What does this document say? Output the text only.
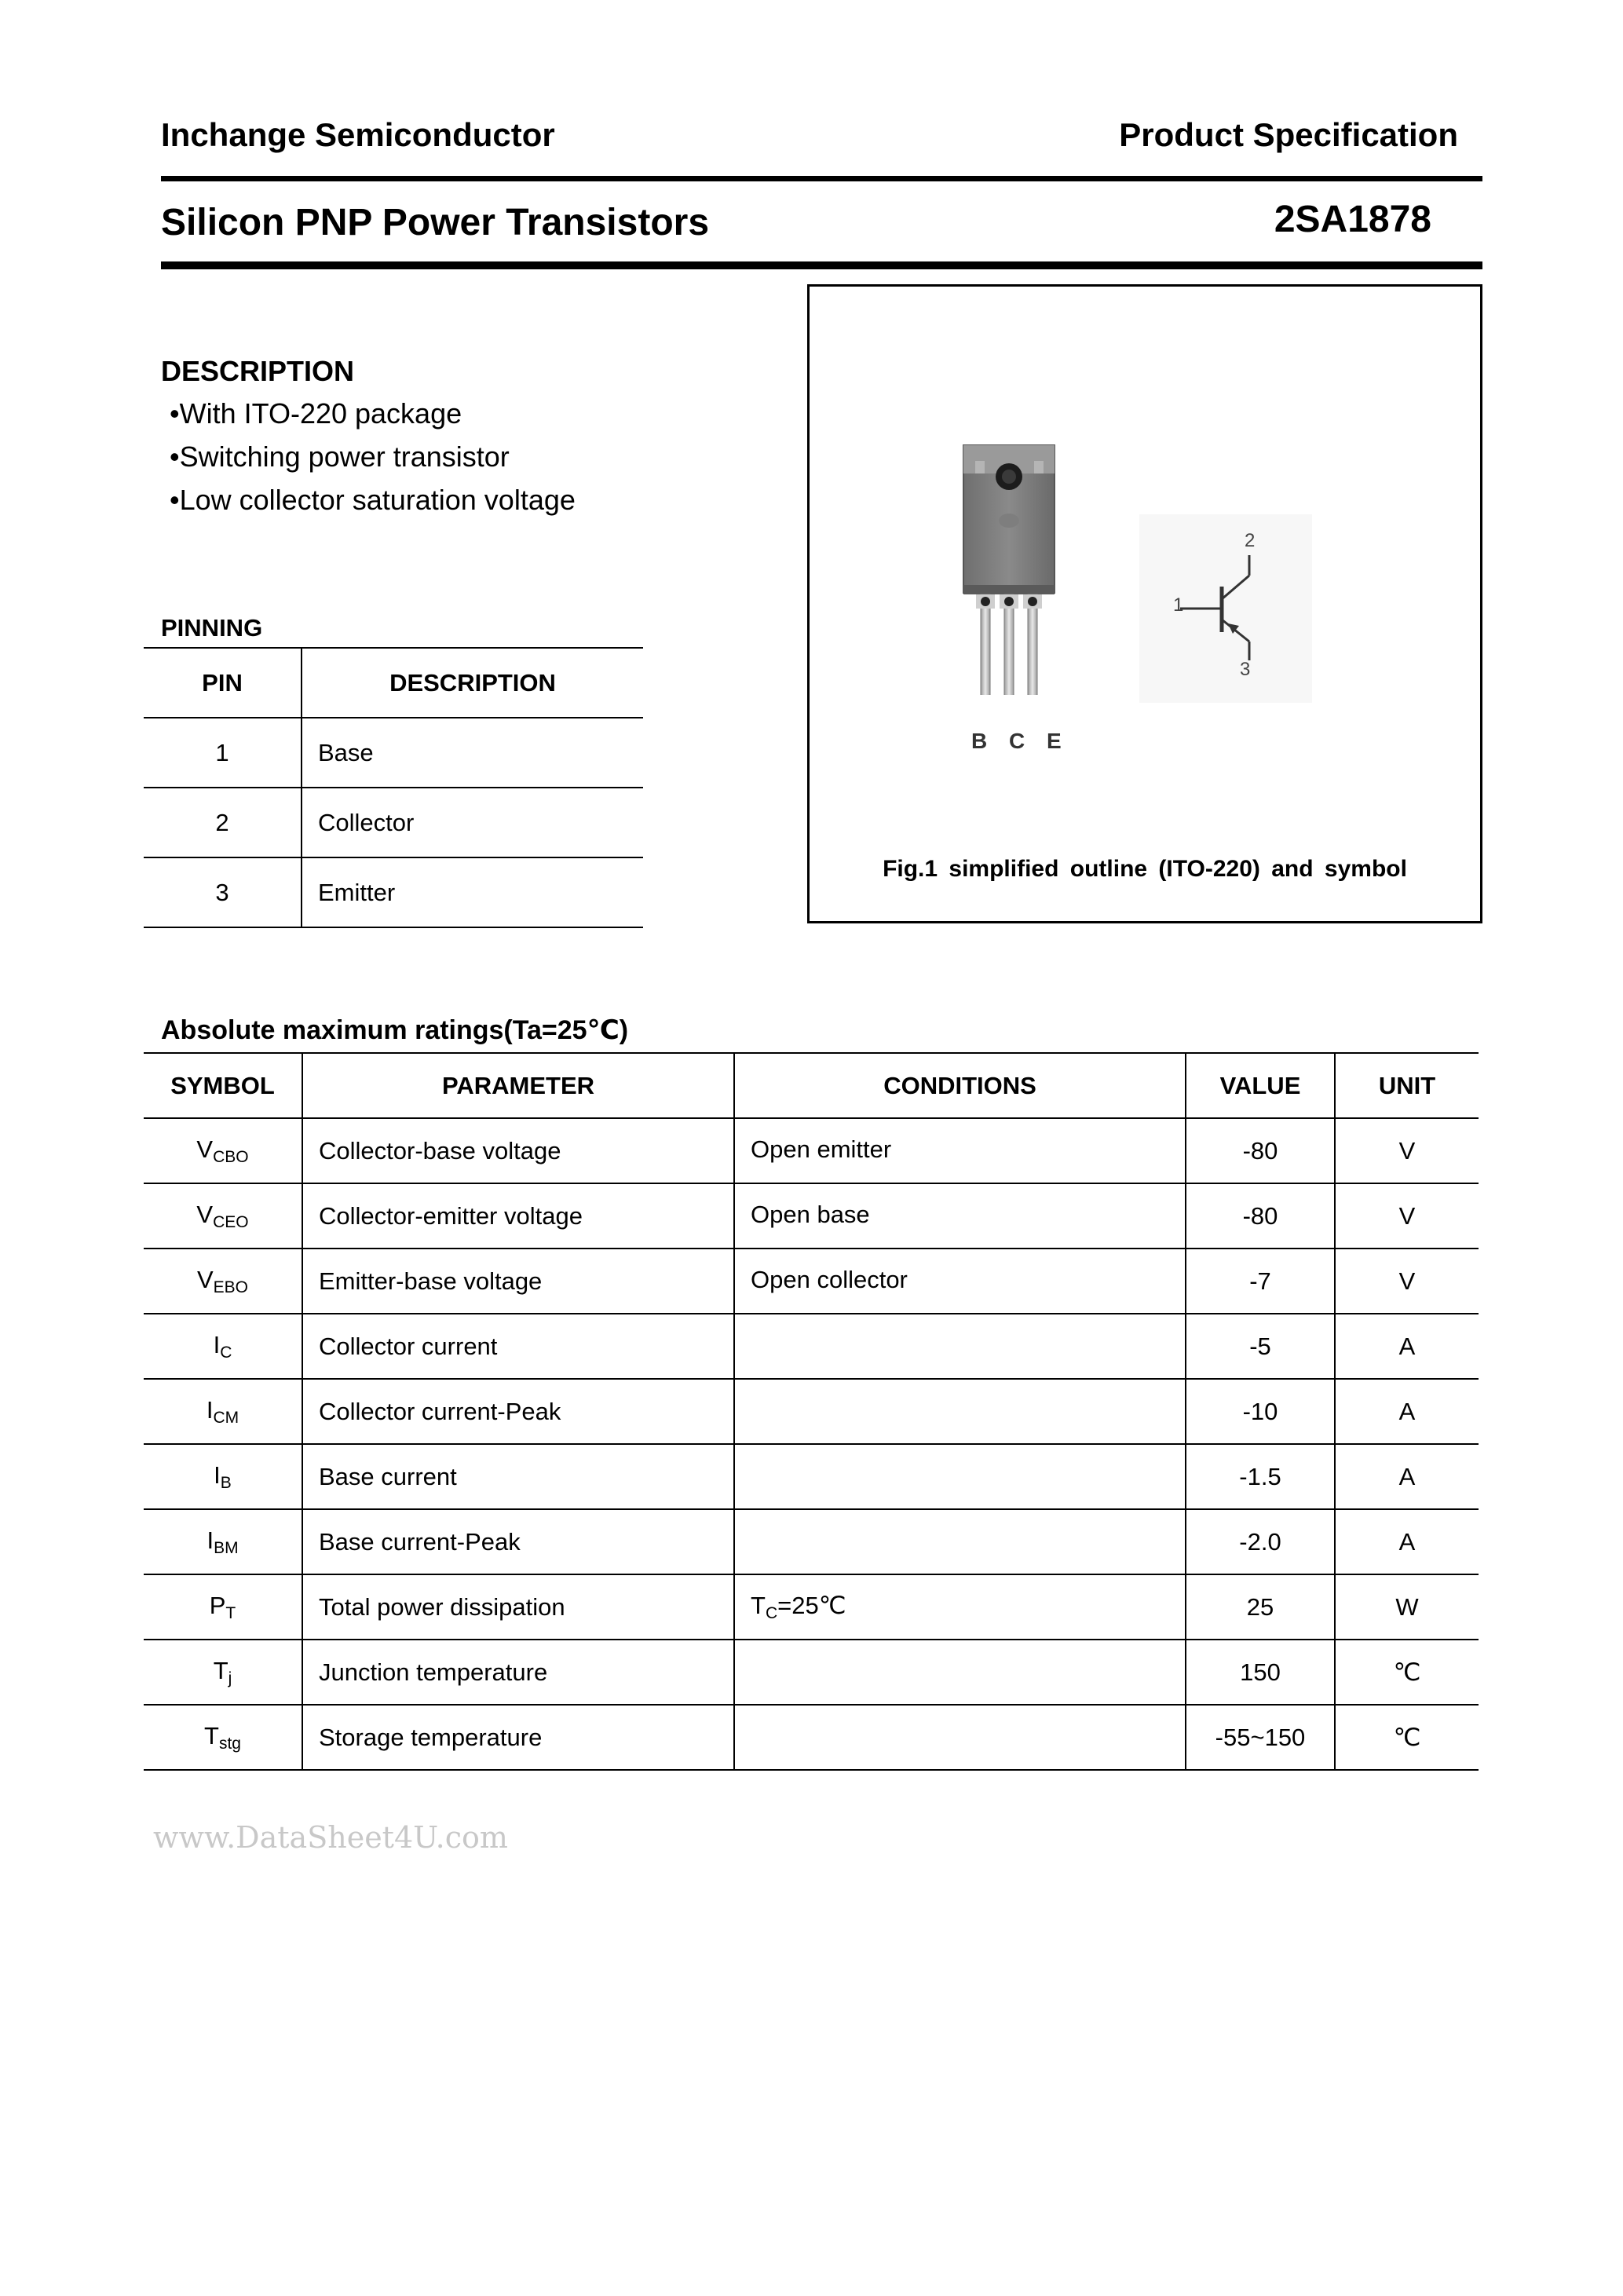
Inchange Semiconductor	Product Specification
Silicon PNP Power Transistors	2SA1878
DESCRIPTION
•With ITO-220 package
•Switching power transistor
•Low collector saturation voltage
PINNING
PIN	DESCRIPTION
1	Base
2	Collector
3	Emitter
B C E
1
2
3
Fig.1 simplified outline (ITO-220) and symbol
Absolute maximum ratings(Ta=25℃)
SYMBOL	PARAMETER	CONDITIONS	VALUE	UNIT
$V_{CBO}$	Collector-base voltage	Open emitter	-80	V
$V_{CEO}$	Collector-emitter voltage	Open base	-80	V
$V_{EBO}$	Emitter-base voltage	Open collector	-7	V
$I_C$	Collector current		-5	A
$I_{CM}$	Collector current-Peak		-10	A
$I_B$	Base current		-1.5	A
$I_{BM}$	Base current-Peak		-2.0	A
$P_T$	Total power dissipation	$T_C=25℃$	25	W
$T_j$	Junction temperature		150	℃
$T_{stg}$	Storage temperature		-55~150	℃
www.DataSheet4U.com
